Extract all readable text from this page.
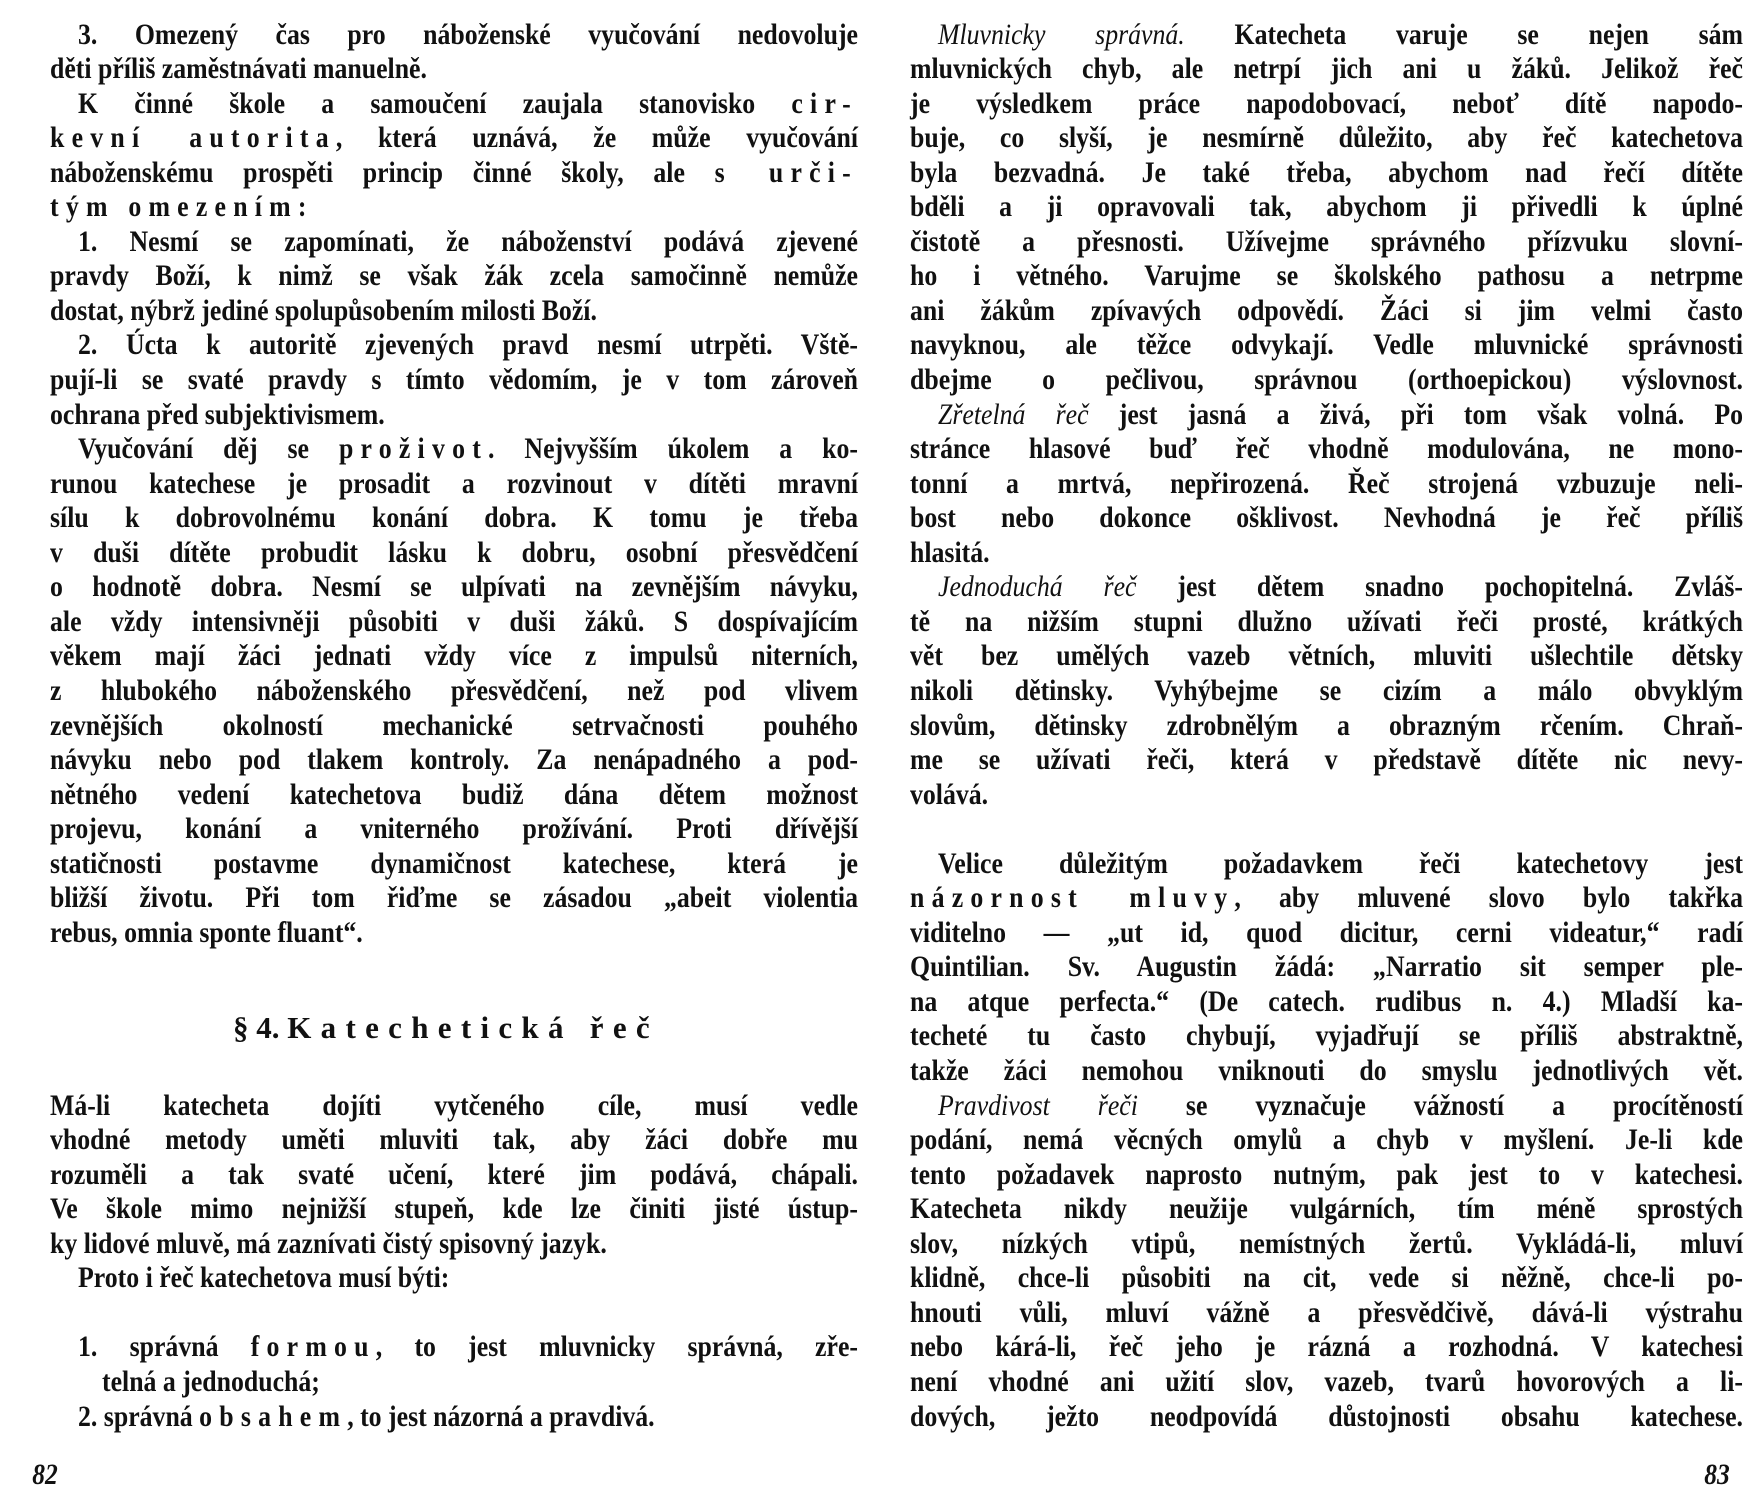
§ 4. Katechetická řeč
82
3. Omezený čas pro náboženské vyučování nedovoluje
děti příliš zaměstnávati manuelně.
K činné škole a samoučení zaujala stanovisko cir-
kevní autorita, která uznává, že může vyučování
náboženskému prospěti princip činné školy, ale s urči-
tým omezením:
1. Nesmí se zapomínati, že náboženství podává zjevené
pravdy Boží, k nimž se však žák zcela samočinně nemůže
dostat, nýbrž jediné spolupůsobením milosti Boží.
2. Úcta k autoritě zjevených pravd nesmí utrpěti. Vště-
pují-li se svaté pravdy s tímto vědomím, je v tom zároveň
ochrana před subjektivismem.
Vyučování děj se proživot. Nejvyšším úkolem a ko-
runou katechese je prosadit a rozvinout v dítěti mravní
sílu k dobrovolnému konání dobra. K tomu je třeba
v duši dítěte probudit lásku k dobru, osobní přesvědčení
o hodnotě dobra. Nesmí se ulpívati na zevnějším návyku,
ale vždy intensivněji působiti v duši žáků. S dospívajícím
věkem mají žáci jednati vždy více z impulsů niterních,
z hlubokého náboženského přesvědčení, než pod vlivem
zevnějších okolností mechanické setrvačnosti pouhého
návyku nebo pod tlakem kontroly. Za nenápadného a pod-
nětného vedení katechetova budiž dána dětem možnost
projevu, konání a vniterného prožívání. Proti dřívější
statičnosti postavme dynamičnost katechese, která je
bližší životu. Při tom řiďme se zásadou „abeit violentia
rebus, omnia sponte fluant“.
Má-li katecheta dojíti vytčeného cíle, musí vedle
vhodné metody uměti mluviti tak, aby žáci dobře mu
rozuměli a tak svaté učení, které jim podává, chápali.
Ve škole mimo nejnižší stupeň, kde lze činiti jisté ústup-
ky lidové mluvě, má zaznívati čistý spisovný jazyk.
Proto i řeč katechetova musí býti:
1. správná formou, to jest mluvnicky správná, zře-
telná a jednoduchá;
2. správná obsahem, to jest názorná a pravdivá.
83
Mluvnicky správná. Katecheta varuje se nejen sám
mluvnických chyb, ale netrpí jich ani u žáků. Jelikož řeč
je výsledkem práce napodobovací, neboť dítě napodo-
buje, co slyší, je nesmírně důležito, aby řeč katechetova
byla bezvadná. Je také třeba, abychom nad řečí dítěte
bděli a ji opravovali tak, abychom ji přivedli k úplné
čistotě a přesnosti. Užívejme správného přízvuku slovní-
ho i větného. Varujme se školského pathosu a netrpme
ani žákům zpívavých odpovědí. Žáci si jim velmi často
navyknou, ale těžce odvykají. Vedle mluvnické správnosti
dbejme o pečlivou, správnou (orthoepickou) výslovnost.
Zřetelná řeč jest jasná a živá, při tom však volná. Po
stránce hlasové buď řeč vhodně modulována, ne mono-
tonní a mrtvá, nepřirozená. Řeč strojená vzbuzuje neli-
bost nebo dokonce ošklivost. Nevhodná je řeč příliš
hlasitá.
Jednoduchá řeč jest dětem snadno pochopitelná. Zvláš-
tě na nižším stupni dlužno užívati řeči prosté, krátkých
vět bez umělých vazeb větních, mluviti ušlechtile dětsky
nikoli dětinsky. Vyhýbejme se cizím a málo obvyklým
slovům, dětinsky zdrobnělým a obrazným rčením. Chraň-
me se užívati řeči, která v představě dítěte nic nevy-
volává.
Velice důležitým požadavkem řeči katechetovy jest
názornost mluvy, aby mluvené slovo bylo takřka
viditelno — „ut id, quod dicitur, cerni videatur,“ radí
Quintilian. Sv. Augustin žádá: „Narratio sit semper ple-
na atque perfecta.“ (De catech. rudibus n. 4.) Mladší ka-
techeté tu často chybují, vyjadřují se příliš abstraktně,
takže žáci nemohou vniknouti do smyslu jednotlivých vět.
Pravdivost řeči se vyznačuje vážností a procítěností
podání, nemá věcných omylů a chyb v myšlení. Je-li kde
tento požadavek naprosto nutným, pak jest to v katechesi.
Katecheta nikdy neužije vulgárních, tím méně sprostých
slov, nízkých vtipů, nemístných žertů. Vykládá-li, mluví
klidně, chce-li působiti na cit, vede si něžně, chce-li po-
hnouti vůli, mluví vážně a přesvědčivě, dává-li výstrahu
nebo kárá-li, řeč jeho je rázná a rozhodná. V katechesi
není vhodné ani užití slov, vazeb, tvarů hovorových a li-
dových, ježto neodpovídá důstojnosti obsahu katechese.
